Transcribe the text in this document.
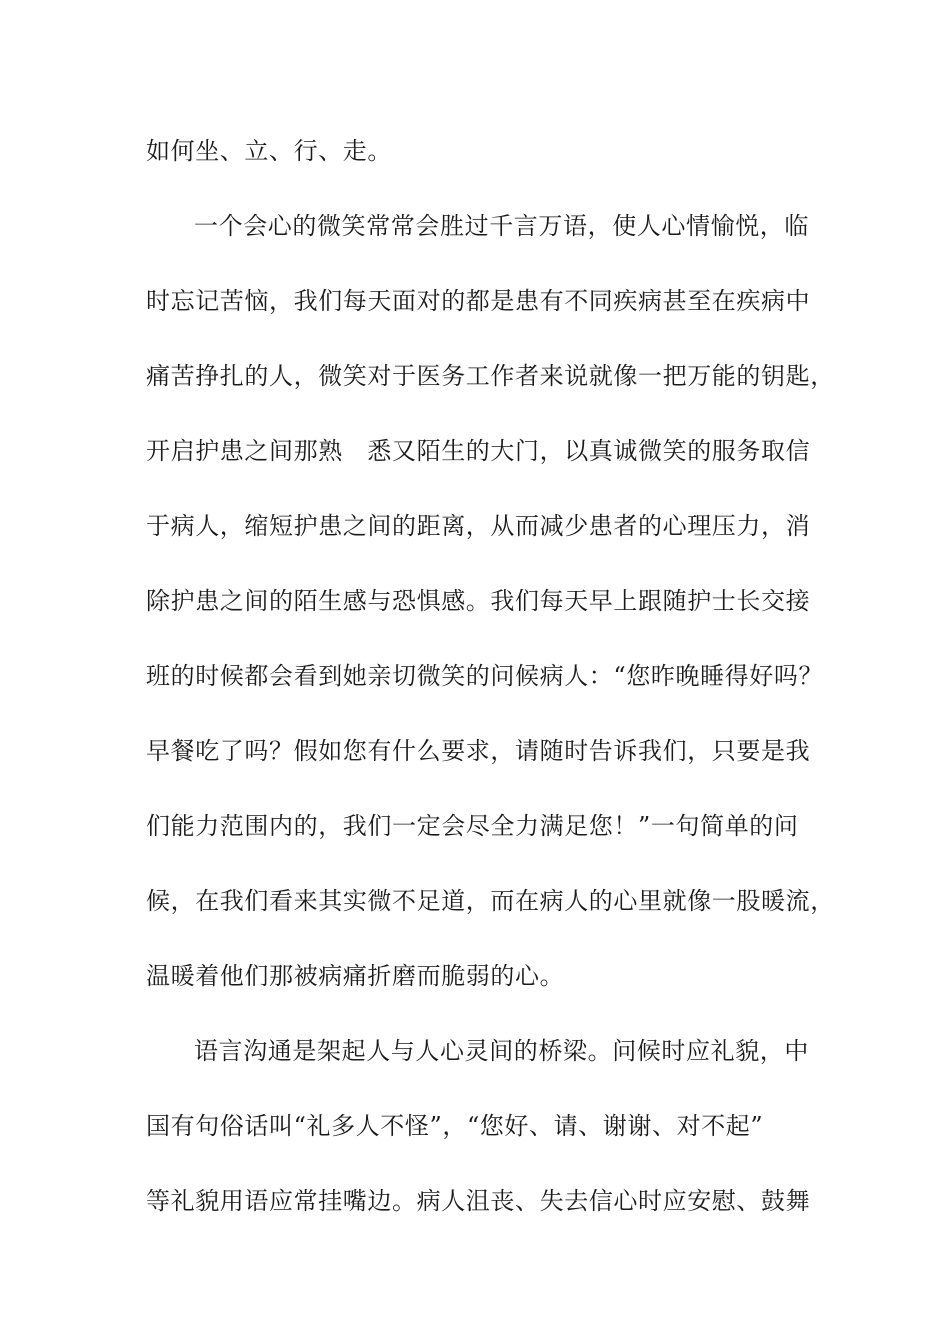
如何坐、立、行、走。
一个会心的微笑常常会胜过千言万语，使人心情愉悦，临
时忘记苦恼，我们每天面对的都是患有不同疾病甚至在疾病中
痛苦挣扎的人，微笑对于医务工作者来说就像一把万能的钥匙，
开启护患之间那熟　悉又陌生的大门，以真诚微笑的服务取信
于病人，缩短护患之间的距离，从而减少患者的心理压力，消
除护患之间的陌生感与恐惧感。我们每天早上跟随护士长交接
班的时候都会看到她亲切微笑的问候病人：“您昨晚睡得好吗？
早餐吃了吗？假如您有什么要求，请随时告诉我们，只要是我
们能力范围内的，我们一定会尽全力满足您！”一句简单的问
候，在我们看来其实微不足道，而在病人的心里就像一股暖流，
温暖着他们那被病痛折磨而脆弱的心。
语言沟通是架起人与人心灵间的桥梁。问候时应礼貌，中
国有句俗话叫“礼多人不怪”，“您好、请、谢谢、对不起”
等礼貌用语应常挂嘴边。病人沮丧、失去信心时应安慰、鼓舞
